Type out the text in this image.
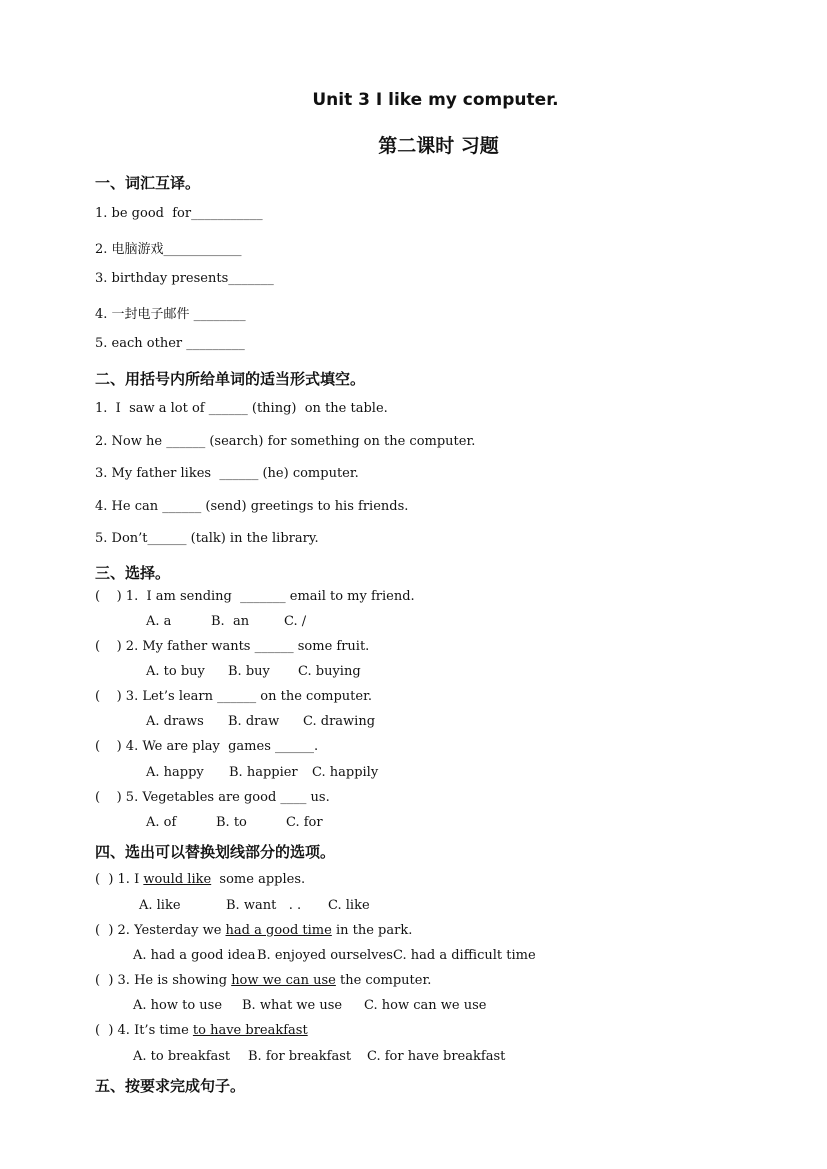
Unit 3 I like my computer.
第二课时 习题
一、词汇互译。
1. be good  for___________
2. 电脑游戏____________
3. birthday presents_______
4. 一封电子邮件 ________
5. each other _________
二、用括号内所给单词的适当形式填空。
1.  I  saw a lot of ______ (thing)  on the table.
2. Now he ______ (search) for something on the computer.
3. My father likes  ______ (he) computer.
4. He can ______ (send) greetings to his friends.
5. Don’t______ (talk) in the library.
三、选择。
(    ) 1.  I am sending  _______ email to my friend.
A. a	B.  an	C. /
(    ) 2. My father wants ______ some fruit.
A. to buy B. buy C. buying
(    ) 3. Let’s learn ______ on the computer.
A. draws B. draw C. drawing
(    ) 4. We are play  games ______.
A. happy B. happier C. happily
(    ) 5. Vegetables are good ____ us.
A. of	B. to	C. for
四、选出可以替换划线部分的选项。
(  ) 1. I would like  some apples.
A. like	B. want   . . C. like
(  ) 2. Yesterday we had a good time in the park.
A. had a good idea B. enjoyed ourselves C. had a difficult time
(  ) 3. He is showing how we can use the computer.
A. how to use B. what we use C. how can we use
(  ) 4. It’s time to have breakfast
A. to breakfast B. for breakfast C. for have breakfast
五、按要求完成句子。
